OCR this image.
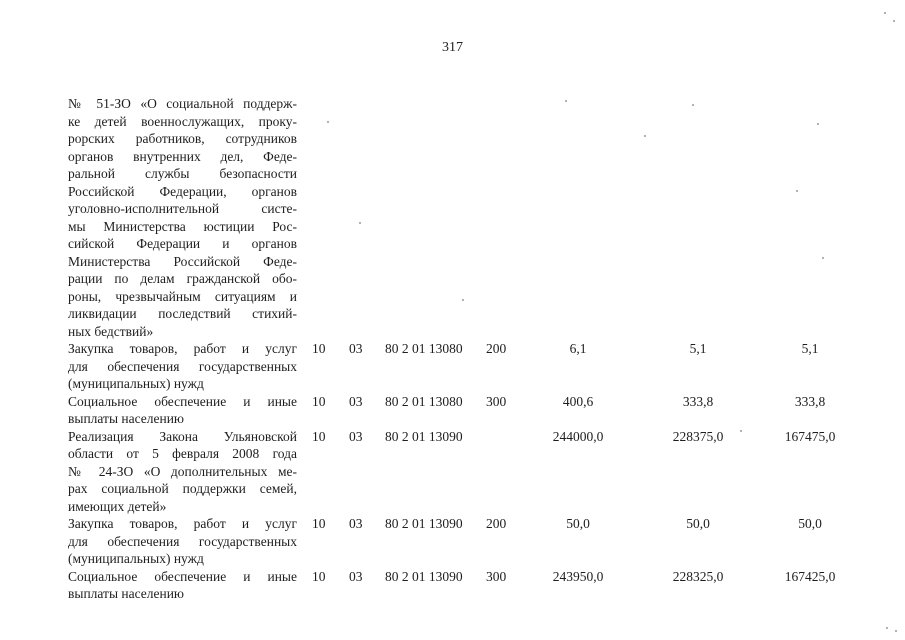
317
№ 51-ЗО «О социальной поддерж-
ке детей военнослужащих, проку-
рорских работников, сотрудников
органов внутренних дел, Феде-
ральной службы безопасности
Российской Федерации, органов
уголовно-исполнительной систе-
мы Министерства юстиции Рос-
сийской Федерации и органов
Министерства Российской Феде-
рации по делам гражданской обо-
роны, чрезвычайным ситуациям и
ликвидации последствий стихий-
ных бедствий»
Закупка товаров, работ и услуг
для обеспечения государственных
(муниципальных) нужд
10 03 80 2 01 13080 200	6,1	5,1	5,1
Социальное обеспечение и иные
выплаты населению
10 03 80 2 01 13080 300	400,6	333,8	333,8
Реализация Закона Ульяновской
области от 5 февраля 2008 года
№ 24-ЗО «О дополнительных ме-
рах социальной поддержки семей,
имеющих детей»
10 03 80 2 01 13090	244000,0	228375,0	167475,0
Закупка товаров, работ и услуг
для обеспечения государственных
(муниципальных) нужд
10 03 80 2 01 13090 200	50,0	50,0	50,0
Социальное обеспечение и иные
выплаты населению
10 03 80 2 01 13090 300	243950,0	228325,0	167425,0
